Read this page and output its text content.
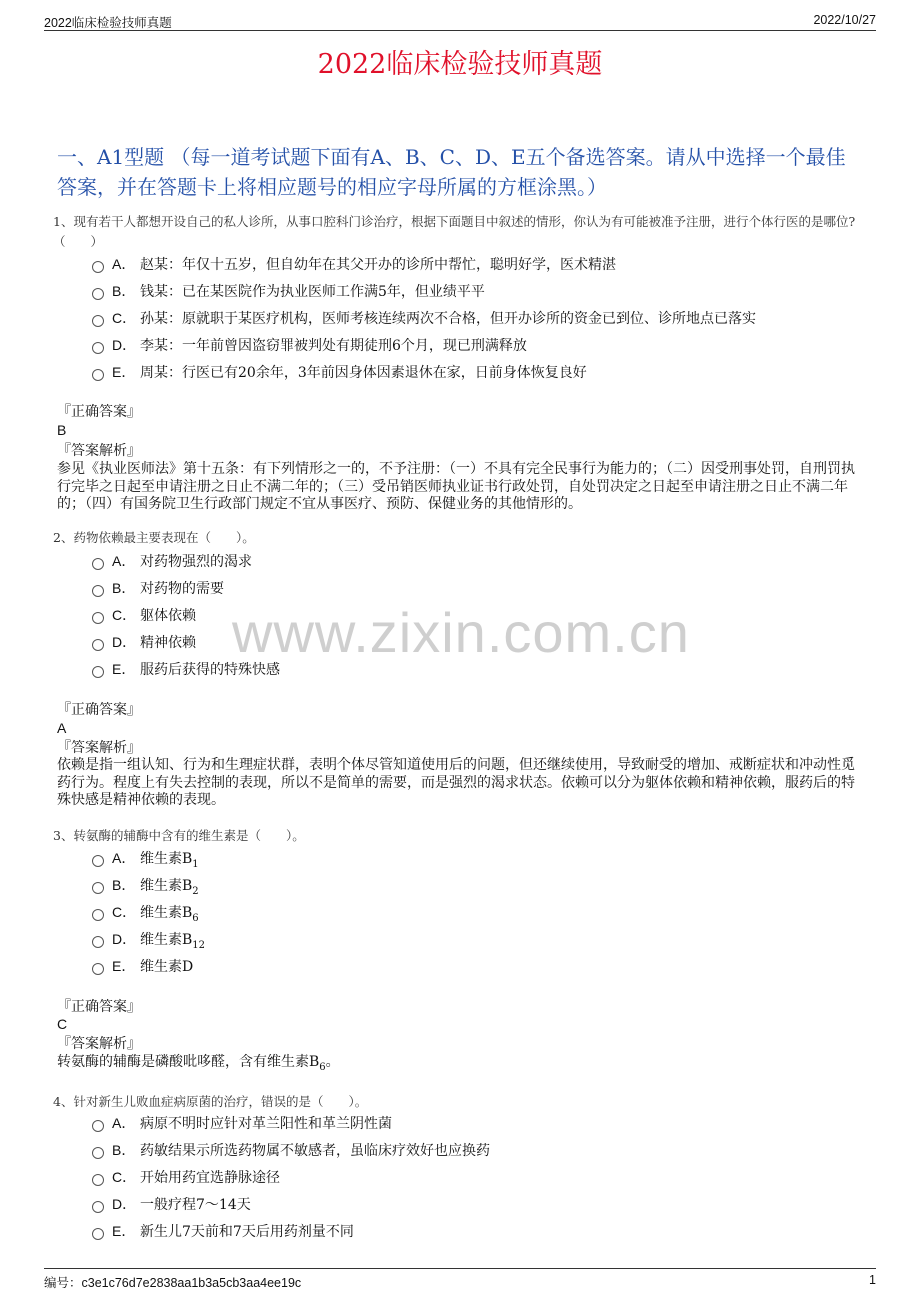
2022临床检验技师真题	2022/10/27
2022临床检验技师真题
一、A1型题 （每一道考试题下面有A、B、C、D、E五个备选答案。请从中选择一个最佳答案，并在答题卡上将相应题号的相应字母所属的方框涂黑。）
www.zixin.com.cn
1、现有若干人都想开设自己的私人诊所，从事口腔科门诊治疗，根据下面题目中叙述的情形，你认为有可能被准予注册，进行个体行医的是哪位?（　　）
A． 赵某：年仅十五岁，但自幼年在其父开办的诊所中帮忙，聪明好学，医术精湛
B． 钱某：已在某医院作为执业医师工作满5年，但业绩平平
C． 孙某：原就职于某医疗机构，医师考核连续两次不合格，但开办诊所的资金已到位、诊所地点已落实
D． 李某：一年前曾因盗窃罪被判处有期徒刑6个月，现已刑满释放
E． 周某：行医已有20余年，3年前因身体因素退休在家，日前身体恢复良好
『正确答案』
B
『答案解析』
参见《执业医师法》第十五条：有下列情形之一的，不予注册：（一）不具有完全民事行为能力的；（二）因受刑事处罚，自刑罚执行完毕之日起至申请注册之日止不满二年的；（三）受吊销医师执业证书行政处罚，自处罚决定之日起至申请注册之日止不满二年的；（四）有国务院卫生行政部门规定不宜从事医疗、预防、保健业务的其他情形的。
2、药物依赖最主要表现在（　　）。
A． 对药物强烈的渴求
B． 对药物的需要
C． 躯体依赖
D． 精神依赖
E． 服药后获得的特殊快感
『正确答案』
A
『答案解析』
依赖是指一组认知、行为和生理症状群，表明个体尽管知道使用后的问题，但还继续使用，导致耐受的增加、戒断症状和冲动性觅药行为。程度上有失去控制的表现，所以不是简单的需要，而是强烈的渴求状态。依赖可以分为躯体依赖和精神依赖，服药后的特殊快感是精神依赖的表现。
3、转氨酶的辅酶中含有的维生素是（　　）。
A． 维生素$B_1$
B． 维生素$B_2$
C． 维生素$B_6$
D． 维生素$B_{12}$
E． 维生素D
『正确答案』
C
『答案解析』
转氨酶的辅酶是磷酸吡哆醛，含有维生素$B_6$。
4、针对新生儿败血症病原菌的治疗，错误的是（　　）。
A． 病原不明时应针对革兰阳性和革兰阴性菌
B． 药敏结果示所选药物属不敏感者，虽临床疗效好也应换药
C． 开始用药宜选静脉途径
D． 一般疗程7～14天
E． 新生儿7天前和7天后用药剂量不同
编号：c3e1c76d7e2838aa1b3a5cb3aa4ee19c	1
